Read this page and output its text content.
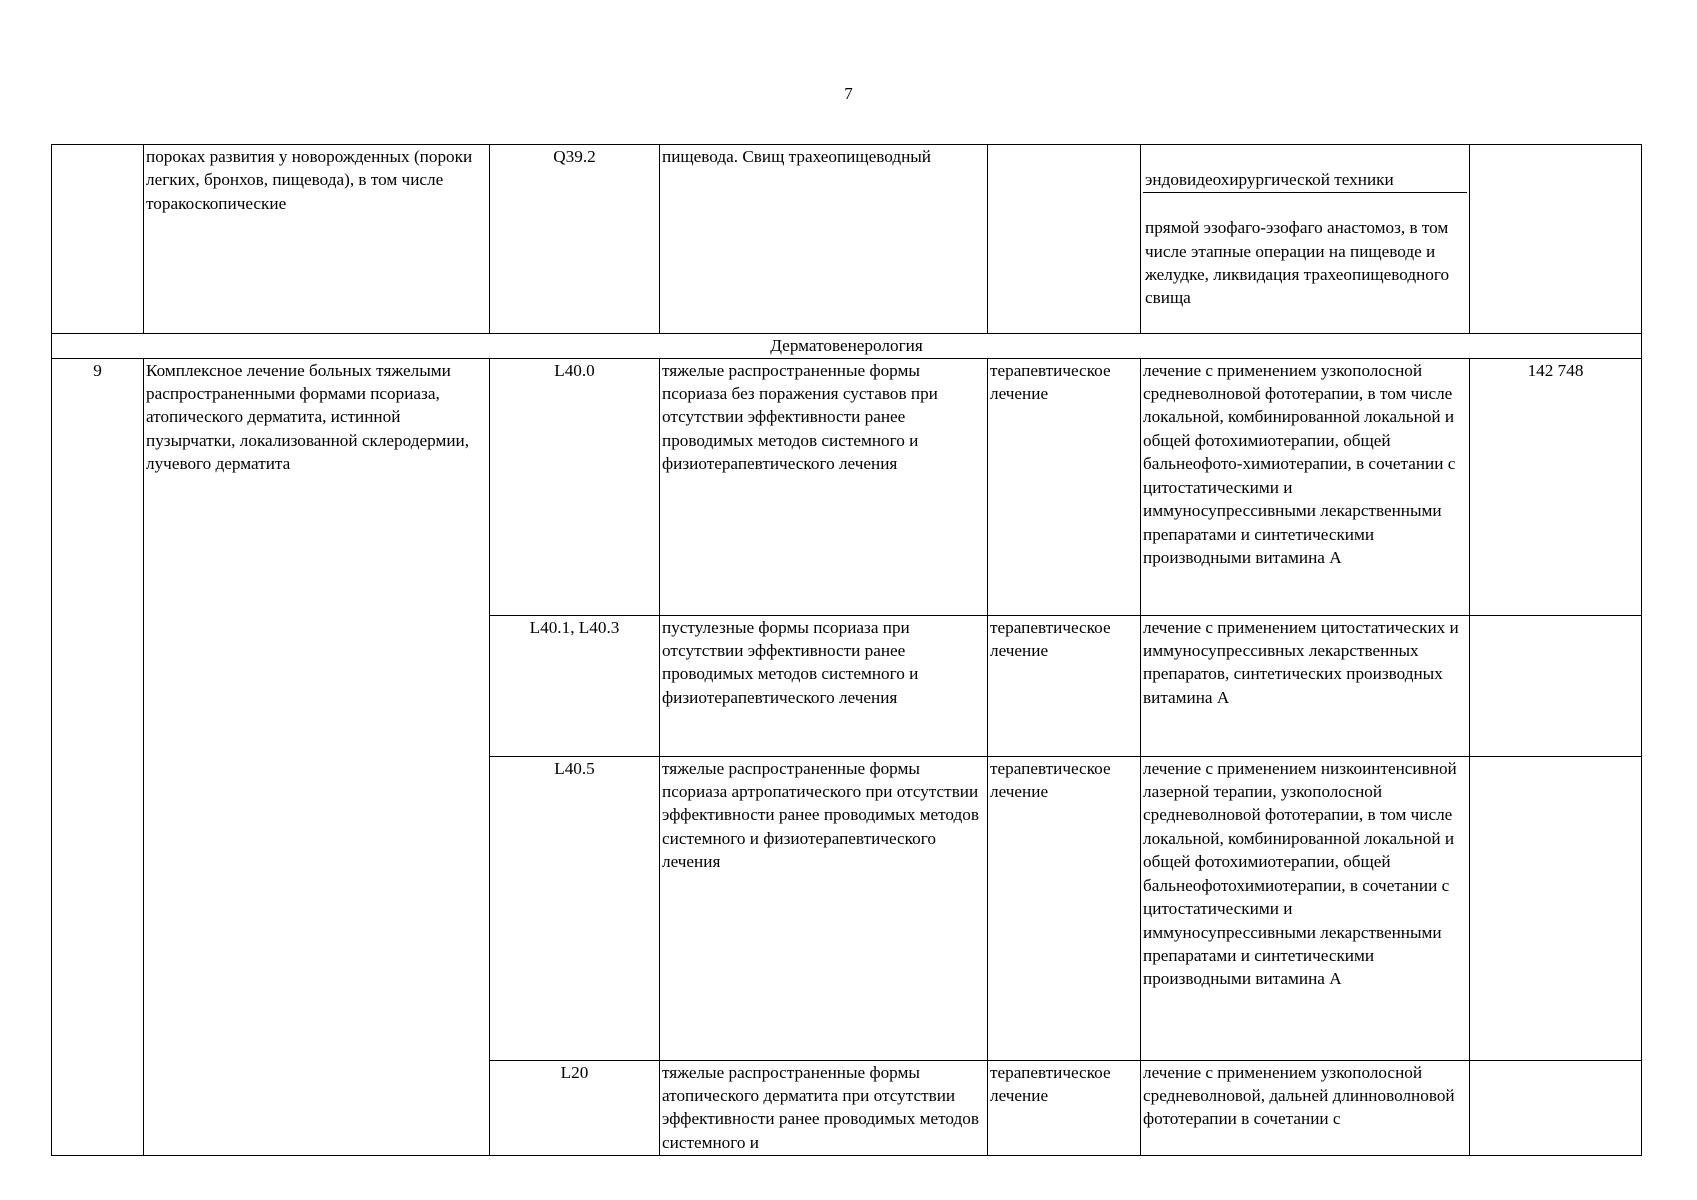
7
	пороках развития у новорожденных (пороки легких, бронхов, пищевода), в том числе торакоскопические	Q39.2	пищевода. Свищ трахеопищеводный		эндовидеохирургической техники

прямой эзофаго-эзофаго анастомоз, в том числе этапные операции на пищеводе и желудке, ликвидация трахеопищеводного свища	

Дерматовенерология						
9	Комплексное лечение больных тяжелыми распространенными формами псориаза, атопического дерматита, истинной пузырчатки, локализованной склеродермии, лучевого дерматита	L40.0	тяжелые распространенные формы псориаза без поражения суставов при отсутствии эффективности ранее проводимых методов системного и физиотерапевтического лечения	терапевтическое лечение	лечение с применением узкополосной средневолновой фототерапии, в том числе локальной, комбинированной локальной и общей фотохимиотерапии, общей бальнеофото-химиотерапии, в сочетании с цитостатическими и иммуносупрессивными лекарственными препаратами и синтетическими производными витамина А	142 748
		L40.1, L40.3	пустулезные формы псориаза при отсутствии эффективности ранее проводимых методов системного и физиотерапевтического лечения	терапевтическое лечение	лечение с применением цитостатических и иммуносупрессивных лекарственных препаратов, синтетических производных витамина А	
		L40.5	тяжелые распространенные формы псориаза артропатического при отсутствии эффективности ранее проводимых методов системного и физиотерапевтического лечения	терапевтическое лечение	лечение с применением низкоинтенсивной лазерной терапии, узкополосной средневолновой фототерапии, в том числе локальной, комбинированной локальной и общей фотохимиотерапии, общей бальнеофотохимиотерапии, в сочетании с цитостатическими и иммуносупрессивными лекарственными препаратами и синтетическими производными витамина А	
		L20	тяжелые распространенные формы атопического дерматита при отсутствии эффективности ранее проводимых методов системного и	терапевтическое лечение	лечение с применением узкополосной средневолновой, дальней длинноволновой фототерапии в сочетании с	
